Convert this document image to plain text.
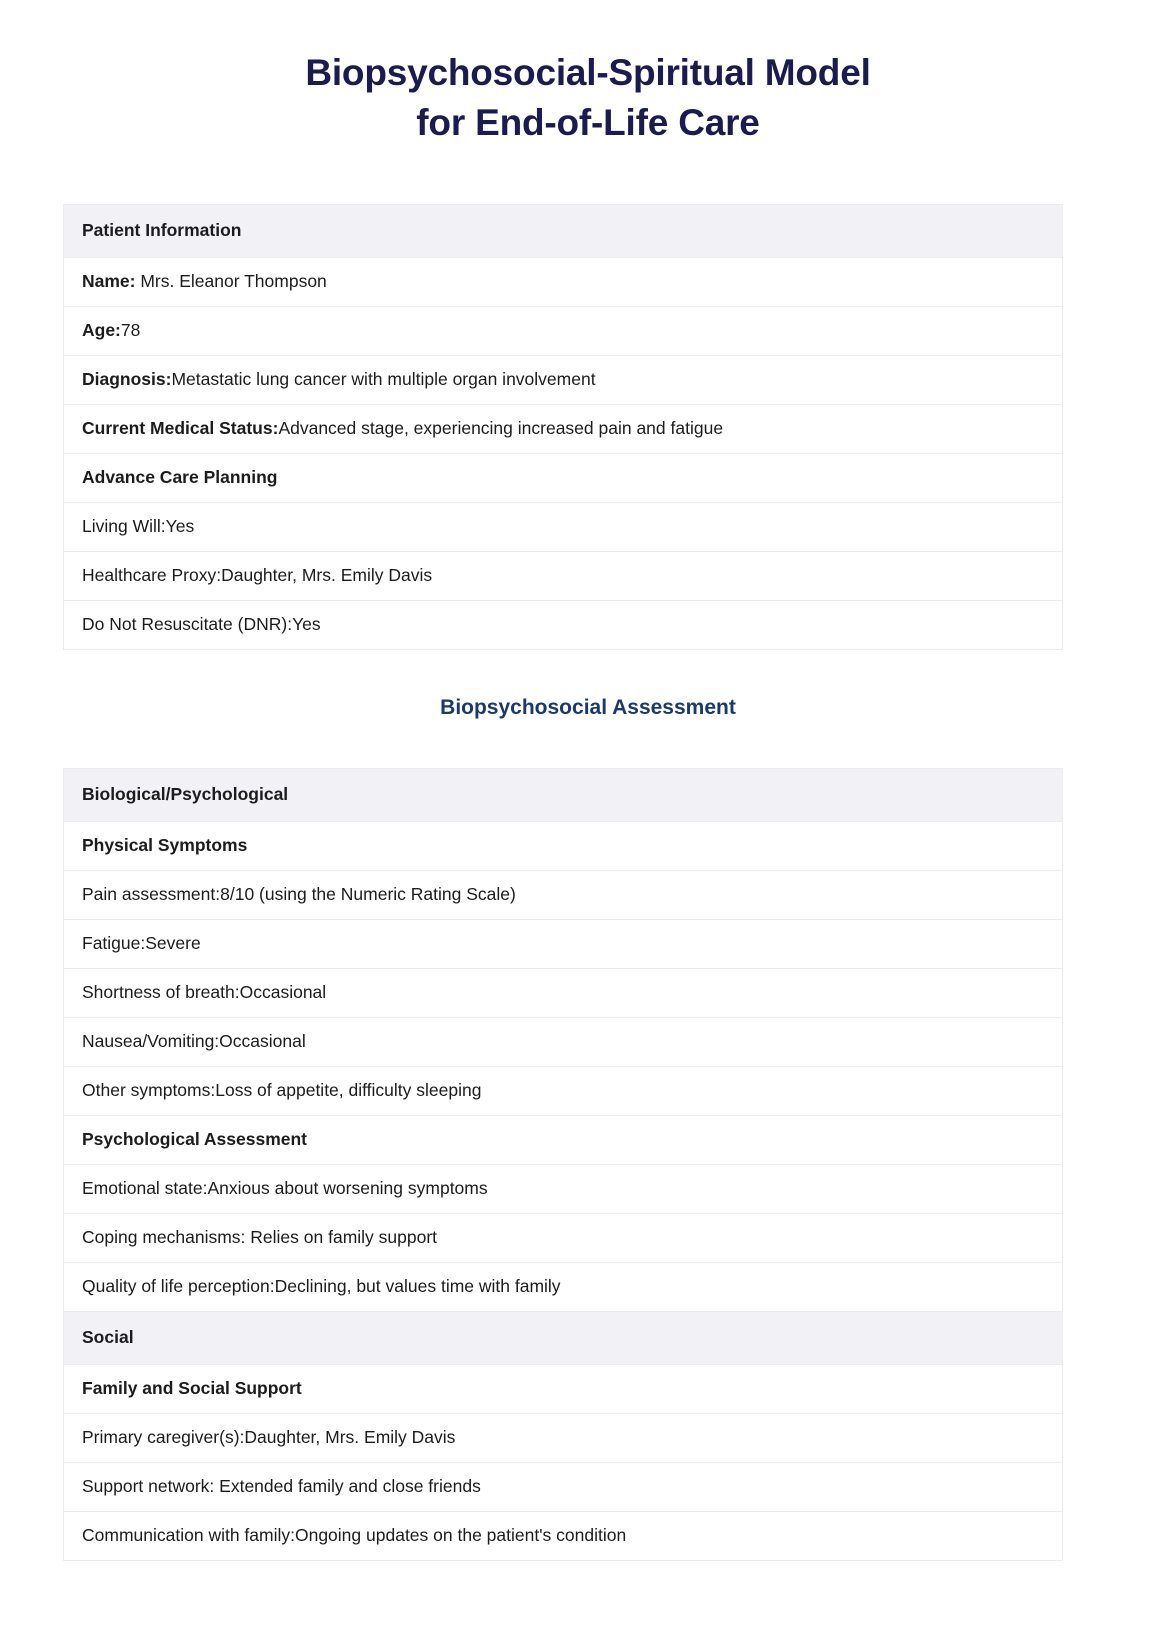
Biopsychosocial-Spiritual Model
for End-of-Life Care
Patient Information
Name: Mrs. Eleanor Thompson
Age:78
Diagnosis:Metastatic lung cancer with multiple organ involvement
Current Medical Status:Advanced stage, experiencing increased pain and fatigue
Advance Care Planning
Living Will:Yes
Healthcare Proxy:Daughter, Mrs. Emily Davis
Do Not Resuscitate (DNR):Yes
Biopsychosocial Assessment
Biological/Psychological
Physical Symptoms
Pain assessment:8/10 (using the Numeric Rating Scale)
Fatigue:Severe
Shortness of breath:Occasional
Nausea/Vomiting:Occasional
Other symptoms:Loss of appetite, difficulty sleeping
Psychological Assessment
Emotional state:Anxious about worsening symptoms
Coping mechanisms: Relies on family support
Quality of life perception:Declining, but values time with family
Social
Family and Social Support
Primary caregiver(s):Daughter, Mrs. Emily Davis
Support network: Extended family and close friends
Communication with family:Ongoing updates on the patient's condition
